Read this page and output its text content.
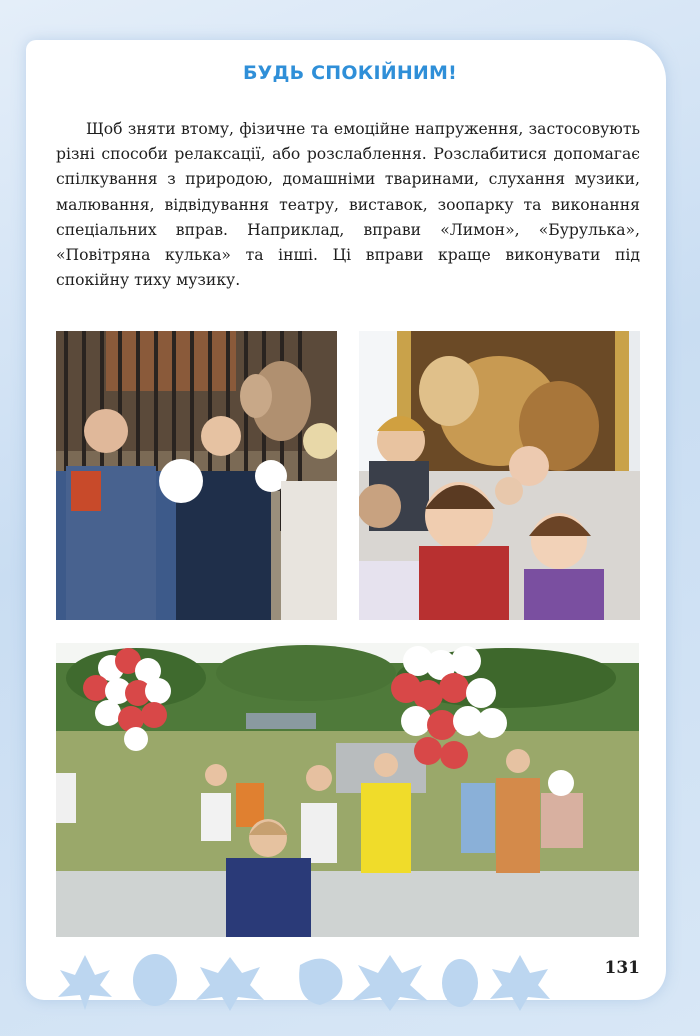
БУДЬ СПОКІЙНИМ!

Щоб зняти втому, фізичне та емоційне напруження, застосовують різні способи релаксації, або розслаблення. Розслабитися допомагає спілкування з природою, домашніми тваринами, слухання музики, малювання, відвідування театру, виставок, зоопарку та виконання спеціальних вправ. Наприклад, вправи «Лимон», «Бурулька», «Повітряна кулька» та інші. Ці вправи краще виконувати під спокійну тиху музику.

131
